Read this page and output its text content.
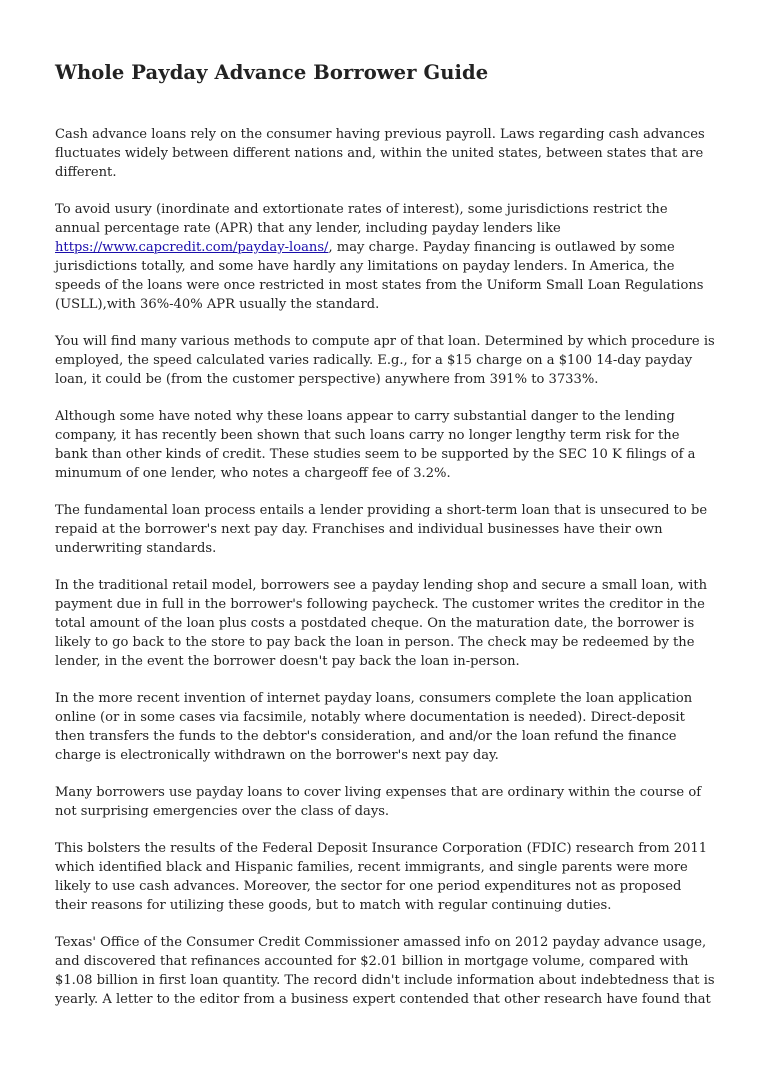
Whole Payday Advance Borrower Guide

Cash advance loans rely on the consumer having previous payroll. Laws regarding cash advances fluctuates widely between different nations and, within the united states, between states that are different.

To avoid usury (inordinate and extortionate rates of interest), some jurisdictions restrict the annual percentage rate (APR) that any lender, including payday lenders like https://www.capcredit.com/payday-loans/, may charge. Payday financing is outlawed by some jurisdictions totally, and some have hardly any limitations on payday lenders. In America, the speeds of the loans were once restricted in most states from the Uniform Small Loan Regulations (USLL),with 36%-40% APR usually the standard.

You will find many various methods to compute apr of that loan. Determined by which procedure is employed, the speed calculated varies radically. E.g., for a $15 charge on a $100 14-day payday loan, it could be (from the customer perspective) anywhere from 391% to 3733%.

Although some have noted why these loans appear to carry substantial danger to the lending company, it has recently been shown that such loans carry no longer lengthy term risk for the bank than other kinds of credit. These studies seem to be supported by the SEC 10 K filings of a minumum of one lender, who notes a chargeoff fee of 3.2%.

The fundamental loan process entails a lender providing a short-term loan that is unsecured to be repaid at the borrower's next pay day. Franchises and individual businesses have their own underwriting standards.

In the traditional retail model, borrowers see a payday lending shop and secure a small loan, with payment due in full in the borrower's following paycheck. The customer writes the creditor in the total amount of the loan plus costs a postdated cheque. On the maturation date, the borrower is likely to go back to the store to pay back the loan in person. The check may be redeemed by the lender, in the event the borrower doesn't pay back the loan in-person.

In the more recent invention of internet payday loans, consumers complete the loan application online (or in some cases via facsimile, notably where documentation is needed). Direct-deposit then transfers the funds to the debtor's consideration, and and/or the loan refund the finance charge is electronically withdrawn on the borrower's next pay day.

Many borrowers use payday loans to cover living expenses that are ordinary within the course of not surprising emergencies over the class of days.

This bolsters the results of the Federal Deposit Insurance Corporation (FDIC) research from 2011 which identified black and Hispanic families, recent immigrants, and single parents were more likely to use cash advances. Moreover, the sector for one period expenditures not as proposed their reasons for utilizing these goods, but to match with regular continuing duties.

Texas' Office of the Consumer Credit Commissioner amassed info on 2012 payday advance usage, and discovered that refinances accounted for $2.01 billion in mortgage volume, compared with $1.08 billion in first loan quantity. The record didn't include information about indebtedness that is yearly. A letter to the editor from a business expert contended that other research have found that
